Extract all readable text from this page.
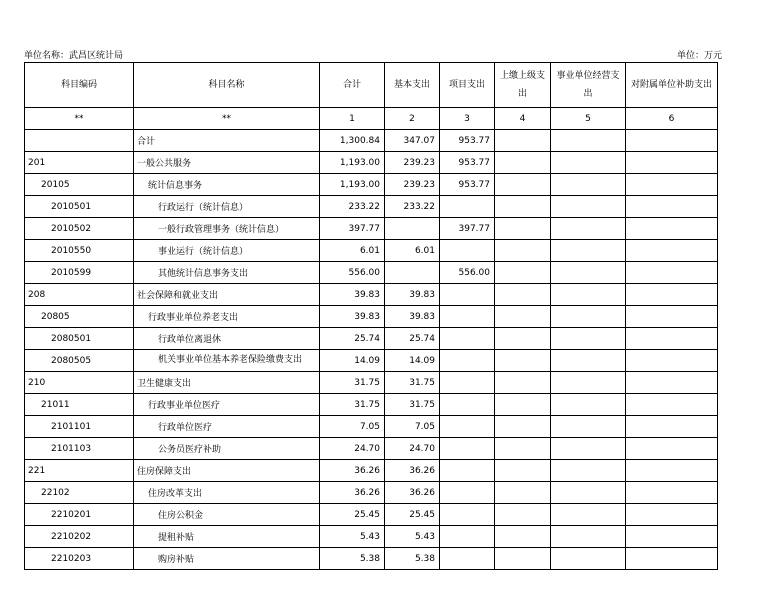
单位名称：武昌区统计局	单位：万元
科目编码	科目名称	合计	基本支出	项目支出	上缴上级支出	事业单位经营支出	对附属单位补助支出
**	**	1	2	3	4	5	6
	合计	1,300.84	347.07	953.77			
201	一般公共服务	1,193.00	239.23	953.77			
20105	统计信息事务	1,193.00	239.23	953.77			
2010501	行政运行（统计信息）	233.22	233.22				
2010502	一般行政管理事务（统计信息）	397.77		397.77			
2010550	事业运行（统计信息）	6.01	6.01				
2010599	其他统计信息事务支出	556.00		556.00			
208	社会保障和就业支出	39.83	39.83				
20805	行政事业单位养老支出	39.83	39.83				
2080501	行政单位离退休	25.74	25.74				
2080505	机关事业单位基本养老保险缴费支出	14.09	14.09				
210	卫生健康支出	31.75	31.75				
21011	行政事业单位医疗	31.75	31.75				
2101101	行政单位医疗	7.05	7.05				
2101103	公务员医疗补助	24.70	24.70				
221	住房保障支出	36.26	36.26				
22102	住房改革支出	36.26	36.26				
2210201	住房公积金	25.45	25.45				
2210202	提租补贴	5.43	5.43				
2210203	购房补贴	5.38	5.38				
